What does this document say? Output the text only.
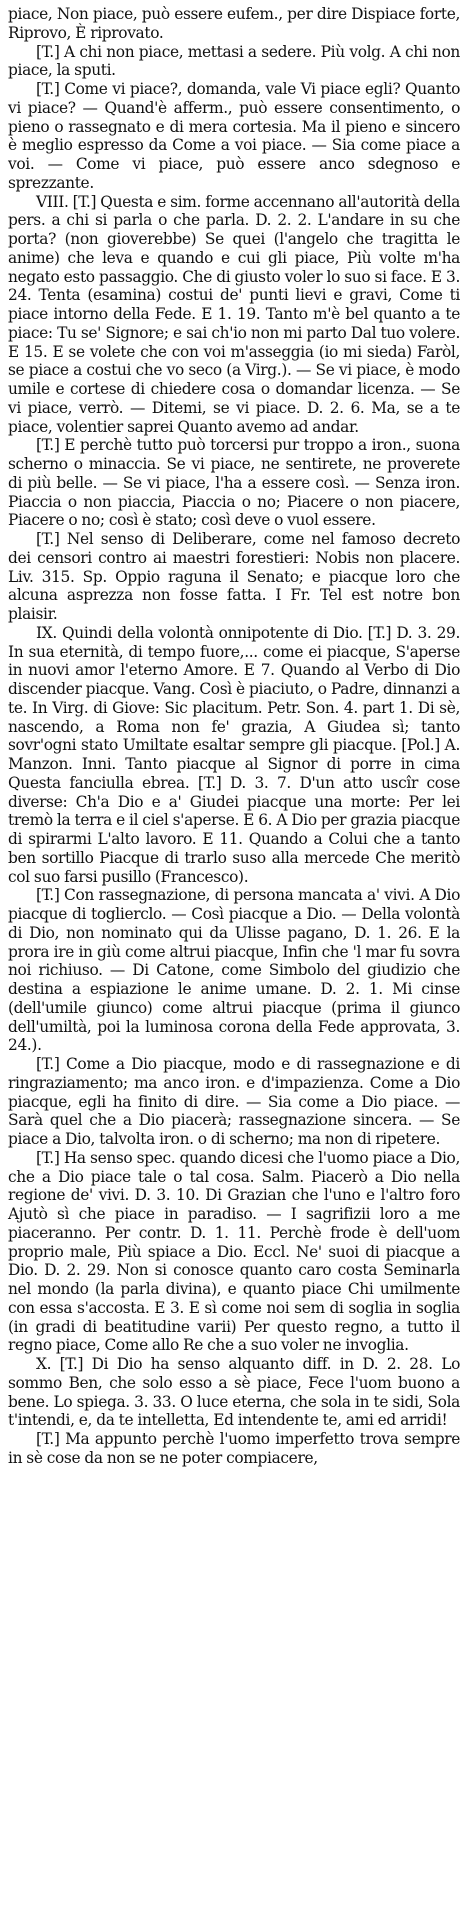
piace, Non piace, può essere eufem., per dire Dispiace forte, Riprovo, È riprovato.

[T.] A chi non piace, mettasi a sedere. Più volg. A chi non piace, la sputi.

[T.] Come vi piace?, domanda, vale Vi piace egli? Quanto vi piace? — Quand'è afferm., può essere consentimento, o pieno o rassegnato e di mera cortesia. Ma il pieno e sincero è meglio espresso da Come a voi piace. — Sia come piace a voi. — Come vi piace, può essere anco sdegnoso e sprezzante.

VIII. [T.] Questa e sim. forme accennano all'autorità della pers. a chi si parla o che parla. D. 2. 2. L'andare in su che porta? (non gioverebbe) Se quei (l'angelo che tragitta le anime) che leva e quando e cui gli piace, Più volte m'ha negato esto passaggio. Che di giusto voler lo suo si face. E 3. 24. Tenta (esamina) costui de' punti lievi e gravi, Come ti piace intorno della Fede. E 1. 19. Tanto m'è bel quanto a te piace: Tu se' Signore; e sai ch'io non mi parto Dal tuo volere. E 15. E se volete che con voi m'asseggia (io mi sieda) Faròl, se piace a costui che vo seco (a Virg.). — Se vi piace, è modo umile e cortese di chiedere cosa o domandar licenza. — Se vi piace, verrò. — Ditemi, se vi piace. D. 2. 6. Ma, se a te piace, volentier saprei Quanto avemo ad andar.

[T.] E perchè tutto può torcersi pur troppo a iron., suona scherno o minaccia. Se vi piace, ne sentirete, ne proverete di più belle. — Se vi piace, l'ha a essere così. — Senza iron. Piaccia o non piaccia, Piaccia o no; Piacere o non piacere, Piacere o no; così è stato; così deve o vuol essere.

[T.] Nel senso di Deliberare, come nel famoso decreto dei censori contro ai maestri forestieri: Nobis non placere. Liv. 315. Sp. Oppio raguna il Senato; e piacque loro che alcuna asprezza non fosse fatta. I Fr. Tel est notre bon plaisir.

IX. Quindi della volontà onnipotente di Dio. [T.] D. 3. 29. In sua eternità, di tempo fuore,... come ei piacque, S'aperse in nuovi amor l'eterno Amore. E 7. Quando al Verbo di Dio discender piacque. Vang. Così è piaciuto, o Padre, dinnanzi a te. In Virg. di Giove: Sic placitum. Petr. Son. 4. part 1. Di sè, nascendo, a Roma non fe' grazia, A Giudea sì; tanto sovr'ogni stato Umiltate esaltar sempre gli piacque. [Pol.] A. Manzon. Inni. Tanto piacque al Signor di porre in cima Questa fanciulla ebrea. [T.] D. 3. 7. D'un atto uscîr cose diverse: Ch'a Dio e a' Giudei piacque una morte: Per lei tremò la terra e il ciel s'aperse. E 6. A Dio per grazia piacque di spirarmi L'alto lavoro. E 11. Quando a Colui che a tanto ben sortillo Piacque di trarlo suso alla mercede Che meritò col suo farsi pusillo (Francesco).

[T.] Con rassegnazione, di persona mancata a' vivi. A Dio piacque di toglierclo. — Così piacque a Dio. — Della volontà di Dio, non nominato qui da Ulisse pagano, D. 1. 26. E la prora ire in giù come altrui piacque, Infin che 'l mar fu sovra noi richiuso. — Di Catone, come Simbolo del giudizio che destina a espiazione le anime umane. D. 2. 1. Mi cinse (dell'umile giunco) come altrui piacque (prima il giunco dell'umiltà, poi la luminosa corona della Fede approvata, 3. 24.).

[T.] Come a Dio piacque, modo e di rassegnazione e di ringraziamento; ma anco iron. e d'impazienza. Come a Dio piacque, egli ha finito di dire. — Sia come a Dio piace. — Sarà quel che a Dio piacerà; rassegnazione sincera. — Se piace a Dio, talvolta iron. o di scherno; ma non di ripetere.

[T.] Ha senso spec. quando dicesi che l'uomo piace a Dio, che a Dio piace tale o tal cosa. Salm. Piacerò a Dio nella regione de' vivi. D. 3. 10. Di Grazian che l'uno e l'altro foro Ajutò sì che piace in paradiso. — I sagrifizii loro a me piaceranno. Per contr. D. 1. 11. Perchè frode è dell'uom proprio male, Più spiace a Dio. Eccl. Ne' suoi di piacque a Dio. D. 2. 29. Non si conosce quanto caro costa Seminarla nel mondo (la parla divina), e quanto piace Chi umilmente con essa s'accosta. E 3. E sì come noi sem di soglia in soglia (in gradi di beatitudine varii) Per questo regno, a tutto il regno piace, Come allo Re che a suo voler ne invoglia.

X. [T.] Di Dio ha senso alquanto diff. in D. 2. 28. Lo sommo Ben, che solo esso a sè piace, Fece l'uom buono a bene. Lo spiega. 3. 33. O luce eterna, che sola in te sidi, Sola t'intendi, e, da te intelletta, Ed intendente te, ami ed arridi!

[T.] Ma appunto perchè l'uomo imperfetto trova sempre in sè cose da non se ne poter compiacere,
